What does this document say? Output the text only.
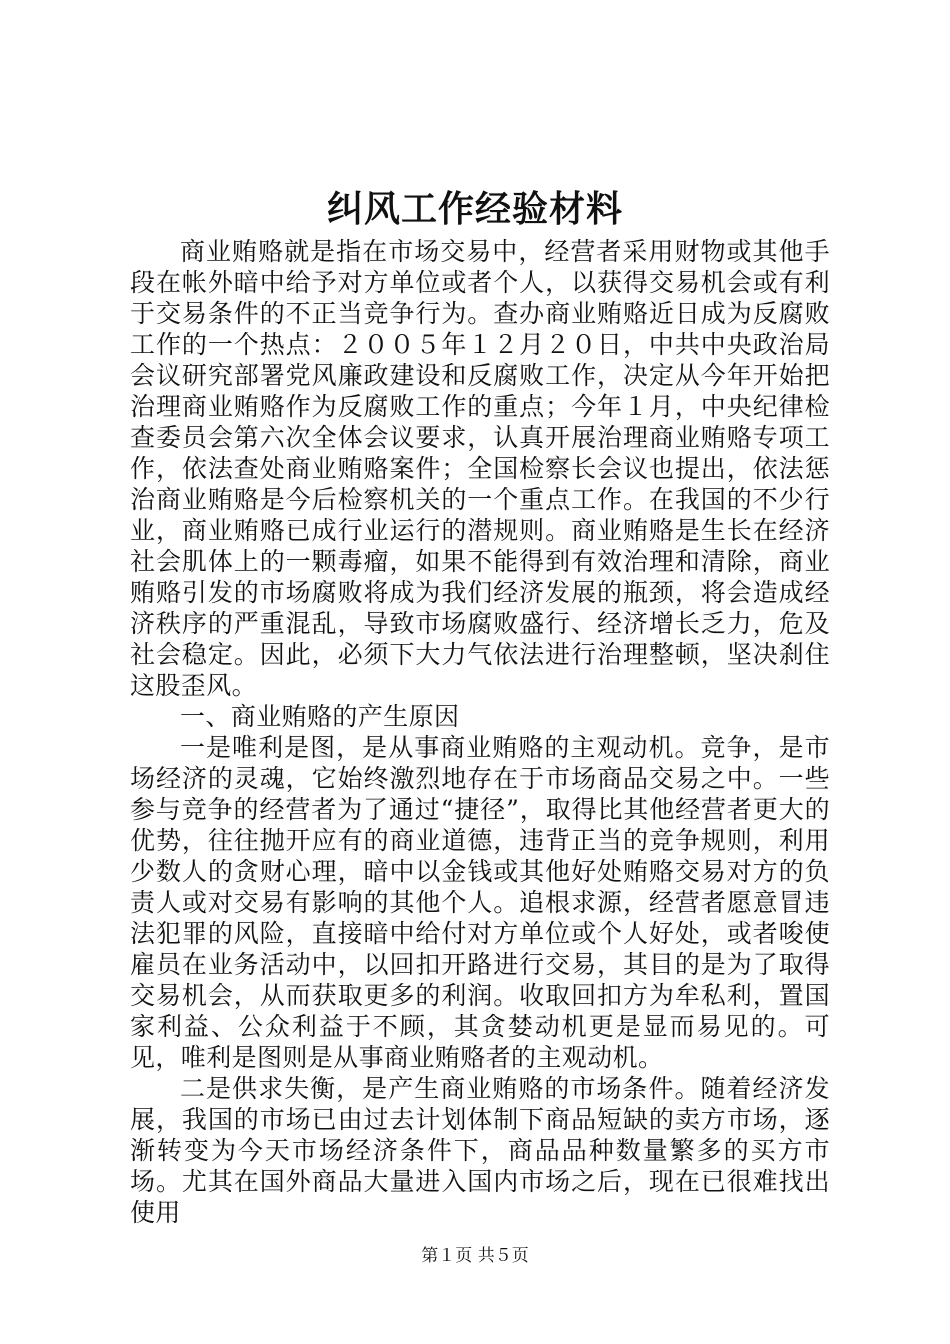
纠风工作经验材料

商业贿赂就是指在市场交易中，经营者采用财物或其他手段在帐外暗中给予对方单位或者个人，以获得交易机会或有利于交易条件的不正当竞争行为。查办商业贿赂近日成为反腐败工作的一个热点：２００５年１２月２０日，中共中央政治局会议研究部署党风廉政建设和反腐败工作，决定从今年开始把治理商业贿赂作为反腐败工作的重点；今年１月，中央纪律检查委员会第六次全体会议要求，认真开展治理商业贿赂专项工作，依法查处商业贿赂案件；全国检察长会议也提出，依法惩治商业贿赂是今后检察机关的一个重点工作。在我国的不少行业，商业贿赂已成行业运行的潜规则。商业贿赂是生长在经济社会肌体上的一颗毒瘤，如果不能得到有效治理和清除，商业贿赂引发的市场腐败将成为我们经济发展的瓶颈，将会造成经济秩序的严重混乱，导致市场腐败盛行、经济增长乏力，危及社会稳定。因此，必须下大力气依法进行治理整顿，坚决刹住这股歪风。

一、商业贿赂的产生原因

一是唯利是图，是从事商业贿赂的主观动机。竞争，是市场经济的灵魂，它始终激烈地存在于市场商品交易之中。一些参与竞争的经营者为了通过“捷径”，取得比其他经营者更大的优势，往往抛开应有的商业道德，违背正当的竞争规则，利用少数人的贪财心理，暗中以金钱或其他好处贿赂交易对方的负责人或对交易有影响的其他个人。追根求源，经营者愿意冒违法犯罪的风险，直接暗中给付对方单位或个人好处，或者唆使雇员在业务活动中，以回扣开路进行交易，其目的是为了取得交易机会，从而获取更多的利润。收取回扣方为牟私利，置国家利益、公众利益于不顾，其贪婪动机更是显而易见的。可见，唯利是图则是从事商业贿赂者的主观动机。

二是供求失衡，是产生商业贿赂的市场条件。随着经济发展，我国的市场已由过去计划体制下商品短缺的卖方市场，逐渐转变为今天市场经济条件下，商品品种数量繁多的买方市场。尤其在国外商品大量进入国内市场之后，现在已很难找出使用

第１页 共５页
